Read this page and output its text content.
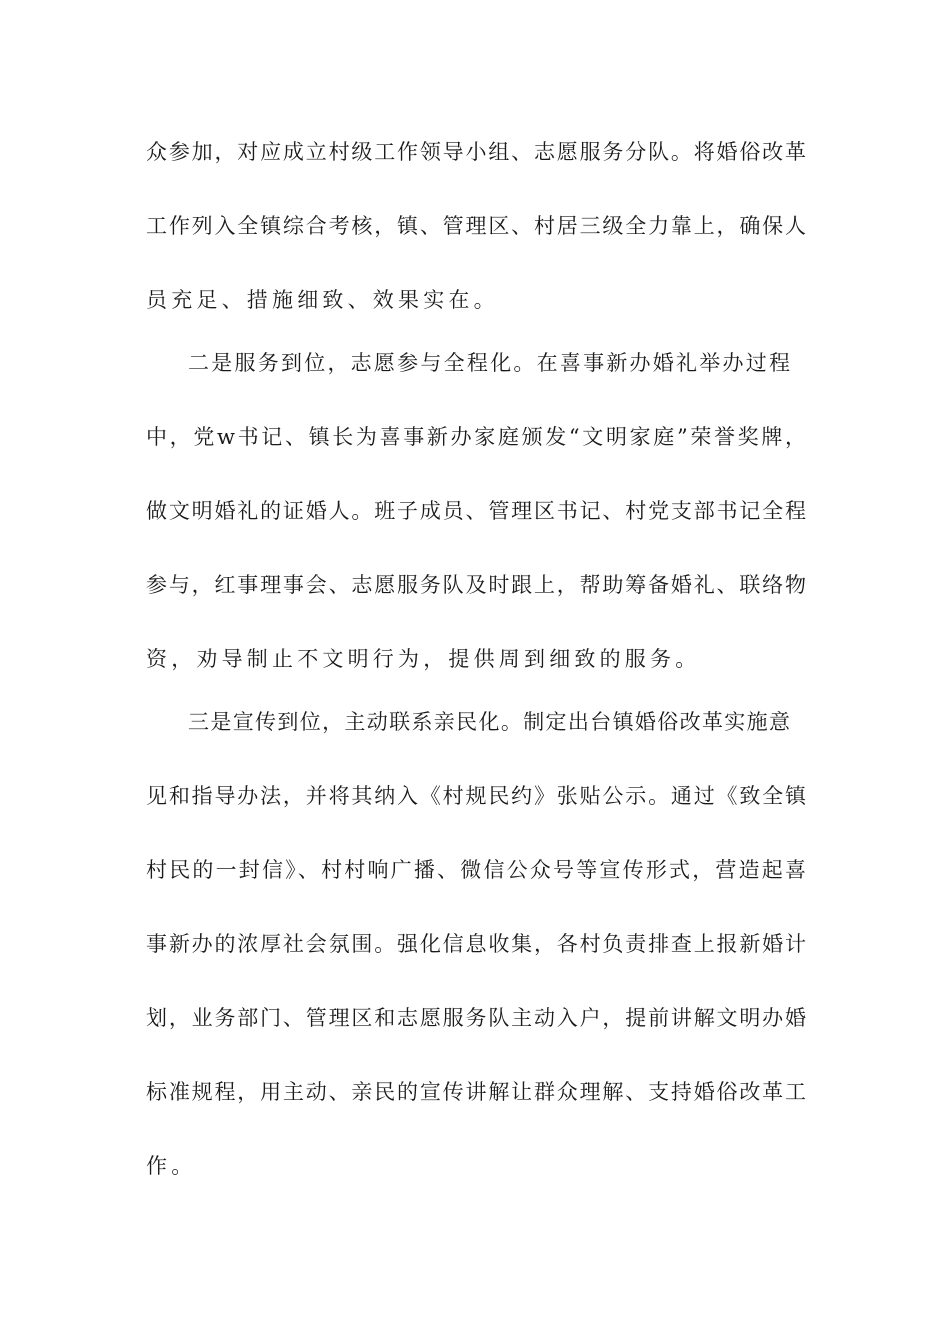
众参加，对应成立村级工作领导小组、志愿服务分队。将婚俗改革
工作列入全镇综合考核，镇、管理区、村居三级全力靠上，确保人
员充足、措施细致、效果实在。
二是服务到位，志愿参与全程化。在喜事新办婚礼举办过程
中，党w书记、镇长为喜事新办家庭颁发“文明家庭”荣誉奖牌，
做文明婚礼的证婚人。班子成员、管理区书记、村党支部书记全程
参与，红事理事会、志愿服务队及时跟上，帮助筹备婚礼、联络物
资，劝导制止不文明行为，提供周到细致的服务。
三是宣传到位，主动联系亲民化。制定出台镇婚俗改革实施意
见和指导办法，并将其纳入《村规民约》张贴公示。通过《致全镇
村民的一封信》、村村响广播、微信公众号等宣传形式，营造起喜
事新办的浓厚社会氛围。强化信息收集，各村负责排查上报新婚计
划，业务部门、管理区和志愿服务队主动入户，提前讲解文明办婚
标准规程，用主动、亲民的宣传讲解让群众理解、支持婚俗改革工
作。
